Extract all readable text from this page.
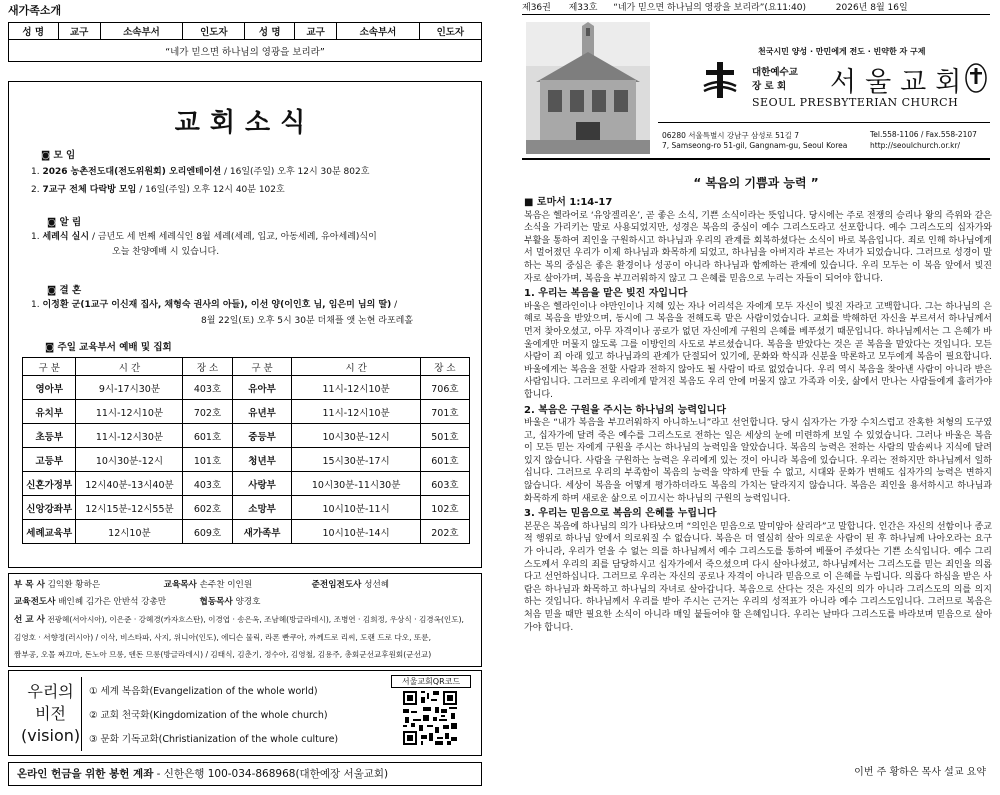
새가족소개
성 명	교구	소속부서	인도자	성 명	교구	소속부서	인도자
“네가 믿으면 하나님의 영광을 보리라”
교회소식
◙ 모 임
1. 2026 농촌전도대(전도위원회) 오리엔테이션 / 16일(주일) 오후 12시 30분 802호
2. 7교구 전체 다락방 모임 / 16일(주일) 오후 12시 40분 102호
◙ 알 림
1. 세례식 실시 / 금년도 세 번째 세례식인 8월 세례(세례, 입교, 아동세례, 유아세례)식이
오늘 찬양예배 시 있습니다.
◙ 결 혼
1. 이정환 군(1교구 이신재 집사, 채형숙 권사의 아들), 이선 양(이인호 님, 임은미 님의 딸) /
8월 22일(토) 오후 5시 30분 더채플 앳 논현 라포레홀
◙ 주일 교육부서 예배 및 집회
구 분	시 간	장 소	구 분	시 간	장 소
영아부	9시-17시30분	403호	유아부	11시-12시10분	706호
유치부	11시-12시10분	702호	유년부	11시-12시10분	701호
초등부	11시-12시30분	601호	중등부	10시30분-12시	501호
고등부	10시30분-12시	101호	청년부	15시30분-17시	601호
신혼가정부	12시40분-13시40분	403호	사랑부	10시30분-11시30분	603호
신앙강좌부	12시15분-12시55분	602호	소망부	10시10분-11시	102호
세례교육부	12시10분	609호	새가족부	10시10분-14시	202호
부 목 사 김익환 황하은	교육목사 손주찬 이인원	준전임전도사 성선혜
교육전도사 배인혜 김가은 안반석 강총만	협동목사 양경호
선 교 사 전광혜(서아시아), 이은준 · 강혜경(카자흐스탄), 이경엽 · 송은옥, 조남혜(방글라데시), 조병연 · 김희정, 우상식 · 김경옥(인도),
김영호 · 서향정(러시아) / 이삭, 비스타파, 사지, 위니아(인도), 에디슨 물릭, 라폰 빤쿠아, 까께드로 리씨, 도랜 드로 다오, 또룬,
짬부공, 오몰 짜끄마, 돈노아 므롱, 덴돈 므롱(방글라데시) / 김태식, 김춘기, 정수아, 김영철, 김용주, 총회군선교후원회(군선교)
우리의
비전
(vision)
① 세계 복음화(Evangelization of the whole world)
② 교회 천국화(Kingdomization of the whole church)
③ 문화 기독교화(Christianization of the whole culture)
서울교회QR코드
온라인 헌금을 위한 봉헌 계좌 - 신한은행 100-034-868968(대한예장 서울교회)
제36권 제33호 “네가 믿으면 하나님의 영광을 보리라”(요11:40)	2026년 8월 16일
천국시민 양성 · 만민에게 전도 · 빈약한 자 구제
대한예수교
장 로 회 서울교회
SEOUL PRESBYTERIAN CHURCH
06280 서울특별시 강남구 삼성로 51길 7
7, Samseong-ro 51-gil, Gangnam-gu, Seoul Korea
Tel.558-1106 / Fax.558-2107
http://seoulchurch.or.kr/
“ 복음의 기쁨과 능력 ”
■ 로마서 1:14-17

복음은 헬라어로 ‘유앙겔리온’, 곧 좋은 소식, 기쁜 소식이라는 뜻입니다. 당시에는 주로 전쟁의 승리나 왕의 즉위와 같은 소식을 가리키는 말로 사용되었지만, 성경은 복음의 중심이 예수 그리스도라고 선포합니다. 예수 그리스도의 십자가와 부활을 통하여 죄인을 구원하시고 하나님과 우리의 관계를 회복하셨다는 소식이 바로 복음입니다. 죄로 인해 하나님에게서 멀어졌던 우리가 이제 하나님과 화목하게 되었고, 하나님을 아버지라 부르는 자녀가 되었습니다. 그러므로 성경이 말하는 복의 중심은 좋은 환경이나 성공이 아니라 하나님과 함께하는 관계에 있습니다. 우리 모두는 이 복음 앞에서 빚진 자로 살아가며, 복음을 부끄러워하지 않고 그 은혜를 믿음으로 누리는 자들이 되어야 합니다.

1. 우리는 복음을 맡은 빚진 자입니다

바울은 헬라인이나 야만인이나 지혜 있는 자나 어리석은 자에게 모두 자신이 빚진 자라고 고백합니다. 그는 하나님의 은혜로 복음을 받았으며, 동시에 그 복음을 전해도록 맡은 사람이었습니다. 교회를 박해하던 자신을 부르셔서 하나님께서 먼저 찾아오셨고, 아무 자격이나 공로가 없던 자신에게 구원의 은혜를 베푸셨기 때문입니다. 하나님께서는 그 은혜가 바울에게만 머물지 않도록 그를 이방인의 사도로 부르셨습니다. 복음을 받았다는 것은 곧 복음을 맡았다는 것입니다. 모든 사람이 죄 아래 있고 하나님과의 관계가 단절되어 있기에, 문화와 학식과 신분을 막론하고 모두에게 복음이 필요합니다. 바울에게는 복음을 전할 사람과 전하지 않아도 될 사람이 따로 없었습니다. 우리 역시 복음을 찾아낸 사람이 아니라 받은 사람입니다. 그러므로 우리에게 맡겨진 복음도 우리 안에 머물지 않고 가족과 이웃, 삶에서 만나는 사람들에게 흘러가야 합니다.

2. 복음은 구원을 주시는 하나님의 능력입니다

바울은 “내가 복음을 부끄러워하지 아니하노니”라고 선언합니다. 당시 십자가는 가장 수치스럽고 잔혹한 처형의 도구였고, 십자가에 달려 죽은 예수를 그리스도로 전하는 일은 세상의 눈에 미련하게 보일 수 있었습니다. 그러나 바울은 복음이 모든 믿는 자에게 구원을 주시는 하나님의 능력임을 알았습니다. 복음의 능력은 전하는 사람의 말솜씨나 지식에 달려 있지 않습니다. 사람을 구원하는 능력은 우리에게 있는 것이 아니라 복음에 있습니다. 우리는 전하지만 하나님께서 일하십니다. 그러므로 우리의 부족함이 복음의 능력을 약하게 만들 수 없고, 시대와 문화가 변해도 십자가의 능력은 변하지 않습니다. 세상이 복음을 어떻게 평가하더라도 복음의 가치는 달라지지 않습니다. 복음은 죄인을 용서하시고 하나님과 화목하게 하며 새로운 삶으로 이끄시는 하나님의 구원의 능력입니다.

3. 우리는 믿음으로 복음의 은혜를 누립니다

본문은 복음에 하나님의 의가 나타났으며 “의인은 믿음으로 말미암아 살리라”고 말합니다. 인간은 자신의 선함이나 종교적 행위로 하나님 앞에서 의로워질 수 없습니다. 복음은 더 열심히 살아 의로운 사람이 된 후 하나님께 나아오라는 요구가 아니라, 우리가 얻을 수 없는 의를 하나님께서 예수 그리스도를 통하여 베풀어 주셨다는 기쁜 소식입니다. 예수 그리스도께서 우리의 죄를 담당하시고 십자가에서 죽으셨으며 다시 살아나셨고, 하나님께서는 그리스도를 믿는 죄인을 의롭다고 선언하십니다. 그러므로 우리는 자신의 공로나 자격이 아니라 믿음으로 이 은혜를 누립니다. 의롭다 하심을 받은 사람은 하나님과 화목하고 하나님의 자녀로 살아갑니다. 복음으로 산다는 것은 자신의 의가 아니라 그리스도의 의를 의지하는 것입니다. 하나님께서 우리를 받아 주시는 근거는 우리의 성적표가 아니라 예수 그리스도입니다. 그러므로 복음은 처음 믿을 때만 필요한 소식이 아니라 매일 붙들어야 할 은혜입니다. 우리는 날마다 그리스도를 바라보며 믿음으로 살아가야 합니다.

이번 주 황하은 목사 설교 요약
